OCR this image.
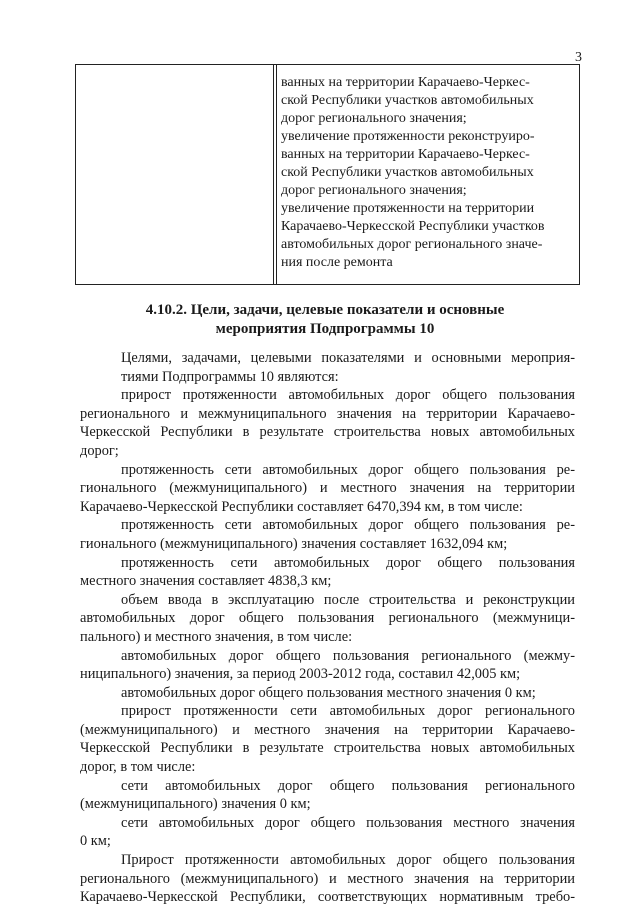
3
ванных на территории Карачаево-Черкес-
ской Республики участков автомобильных
дорог регионального значения;
увеличение протяженности реконструиро-
ванных на территории Карачаево-Черкес-
ской Республики участков автомобильных
дорог регионального значения;
увеличение протяженности на территории
Карачаево-Черкесской Республики участков
автомобильных дорог регионального значе-
ния после ремонта
4.10.2. Цели, задачи, целевые показатели и основные
мероприятия Подпрограммы 10
Целями, задачами, целевыми показателями и основными мероприя-
тиями Подпрограммы 10 являются:
прирост протяженности автомобильных дорог общего пользования
регионального и межмуниципального значения на территории Карачаево-
Черкесской Республики в результате строительства новых автомобильных
дорог;
протяженность сети автомобильных дорог общего пользования ре-
гионального (межмуниципального) и местного значения на территории
Карачаево-Черкесской Республики составляет 6470,394 км, в том числе:
протяженность сети автомобильных дорог общего пользования ре-
гионального (межмуниципального) значения составляет 1632,094 км;
протяженность сети автомобильных дорог общего пользования
местного значения составляет 4838,3 км;
объем ввода в эксплуатацию после строительства и реконструкции
автомобильных дорог общего пользования регионального (межмуници-
пального) и местного значения, в том числе:
автомобильных дорог общего пользования регионального (межму-
ниципального) значения, за период 2003-2012 года, составил 42,005 км;
автомобильных дорог общего пользования местного значения 0 км;
прирост протяженности сети автомобильных дорог регионального
(межмуниципального) и местного значения на территории Карачаево-
Черкесской Республики в результате строительства новых автомобильных
дорог, в том числе:
сети автомобильных дорог общего пользования регионального
(межмуниципального) значения 0 км;
сети автомобильных дорог общего пользования местного значения
0 км;
Прирост протяженности автомобильных дорог общего пользования
регионального (межмуниципального) и местного значения на территории
Карачаево-Черкесской Республики, соответствующих нормативным требо-
